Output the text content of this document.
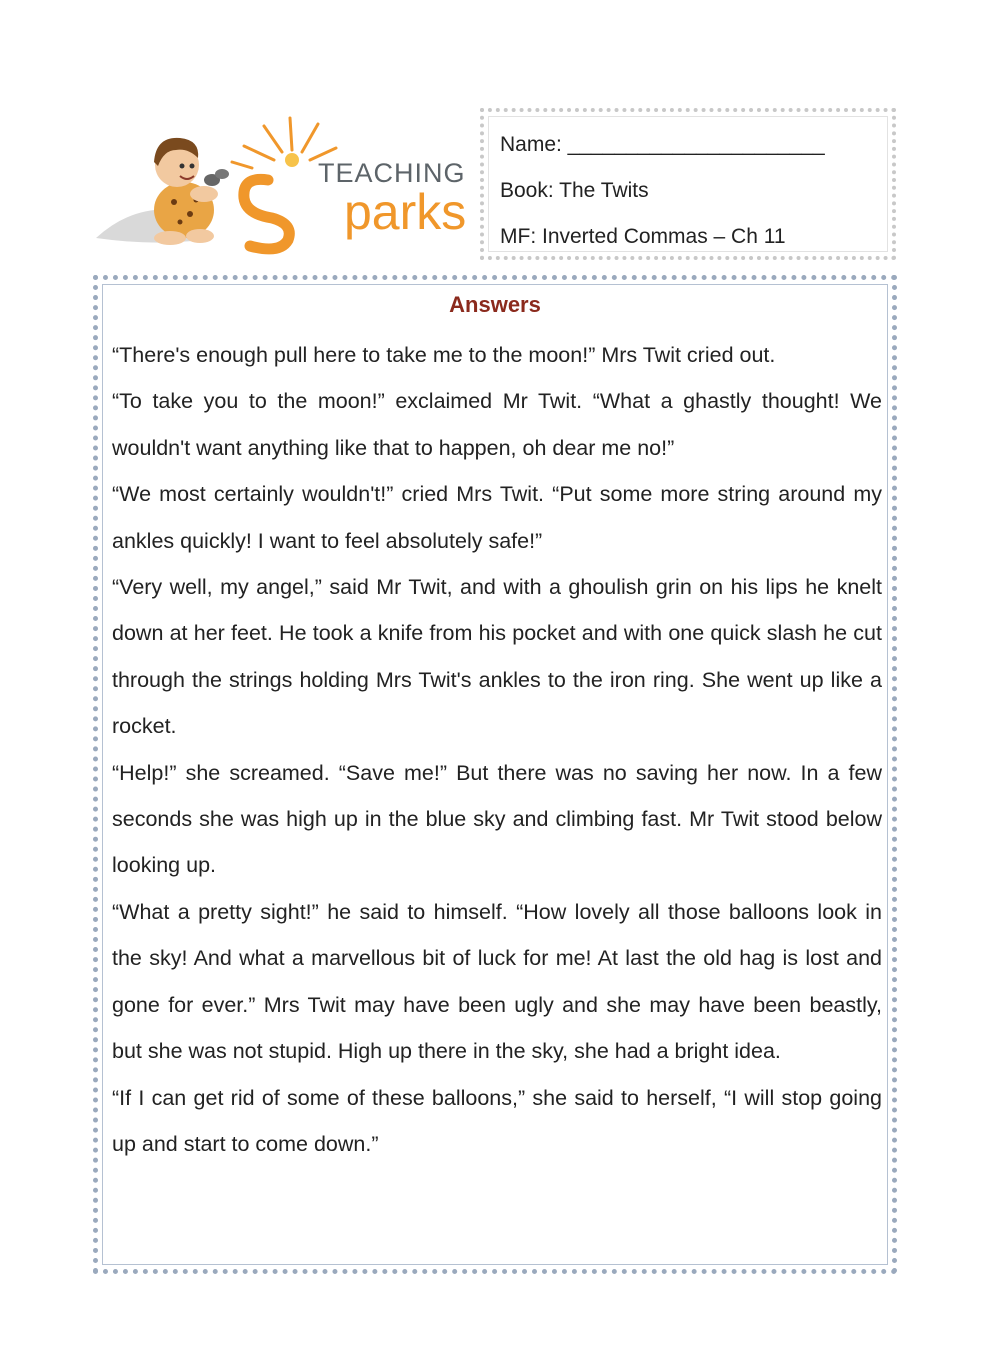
TEACHING
parks
Name: ______________________
Book: The Twits
MF: Inverted Commas – Ch 11
Answers

“There's enough pull here to take me to the moon!” Mrs Twit cried out.

“To take you to the moon!” exclaimed Mr Twit. “What a ghastly thought! We wouldn't want anything like that to happen, oh dear me no!”

“We most certainly wouldn't!” cried Mrs Twit. “Put some more string around my ankles quickly! I want to feel absolutely safe!”

“Very well, my angel,” said Mr Twit, and with a ghoulish grin on his lips he knelt down at her feet. He took a knife from his pocket and with one quick slash he cut through the strings holding Mrs Twit's ankles to the iron ring. She went up like a rocket.

“Help!” she screamed. “Save me!” But there was no saving her now. In a few seconds she was high up in the blue sky and climbing fast. Mr Twit stood below looking up.

“What a pretty sight!” he said to himself. “How lovely all those balloons look in the sky! And what a marvellous bit of luck for me! At last the old hag is lost and gone for ever.” Mrs Twit may have been ugly and she may have been beastly, but she was not stupid. High up there in the sky, she had a bright idea.

“If I can get rid of some of these balloons,” she said to herself, “I will stop going up and start to come down.”
